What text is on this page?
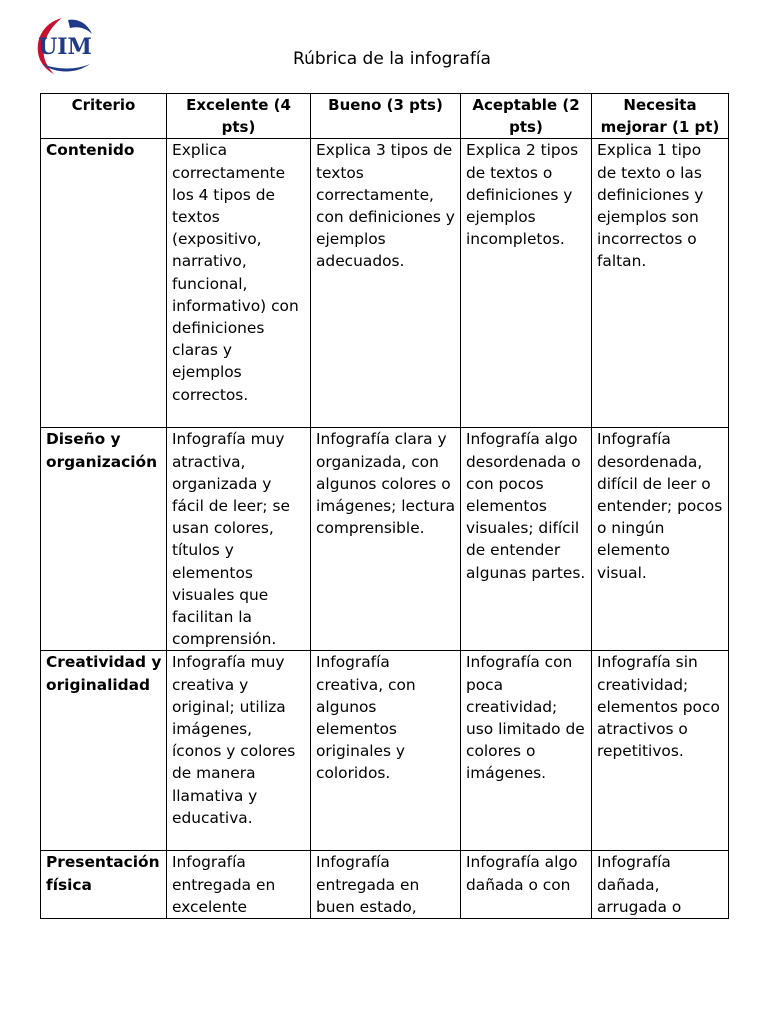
UIM	Rúbrica de la infografía
Criterio	Excelente (4 pts)	Bueno (3 pts)	Aceptable (2 pts)	Necesita mejorar (1 pt)
Contenido	Explica correctamente los 4 tipos de textos (expositivo, narrativo, funcional, informativo) con definiciones claras y ejemplos correctos.	Explica 3 tipos de textos correctamente, con definiciones y ejemplos adecuados.	Explica 2 tipos de textos o definiciones y ejemplos incompletos.	Explica 1 tipo de texto o las definiciones y ejemplos son incorrectos o faltan.
Diseño y organización	Infografía muy atractiva, organizada y fácil de leer; se usan colores, títulos y elementos visuales que facilitan la comprensión.	Infografía clara y organizada, con algunos colores o imágenes; lectura comprensible.	Infografía algo desordenada o con pocos elementos visuales; difícil de entender algunas partes.	Infografía desordenada, difícil de leer o entender; pocos o ningún elemento visual.
Creatividad y originalidad	Infografía muy creativa y original; utiliza imágenes, íconos y colores de manera llamativa y educativa.	Infografía creativa, con algunos elementos originales y coloridos.	Infografía con poca creatividad; uso limitado de colores o imágenes.	Infografía sin creatividad; elementos poco atractivos o repetitivos.
Presentación física	Infografía entregada en excelente	Infografía entregada en buen estado,	Infografía algo dañada o con	Infografía dañada, arrugada o
